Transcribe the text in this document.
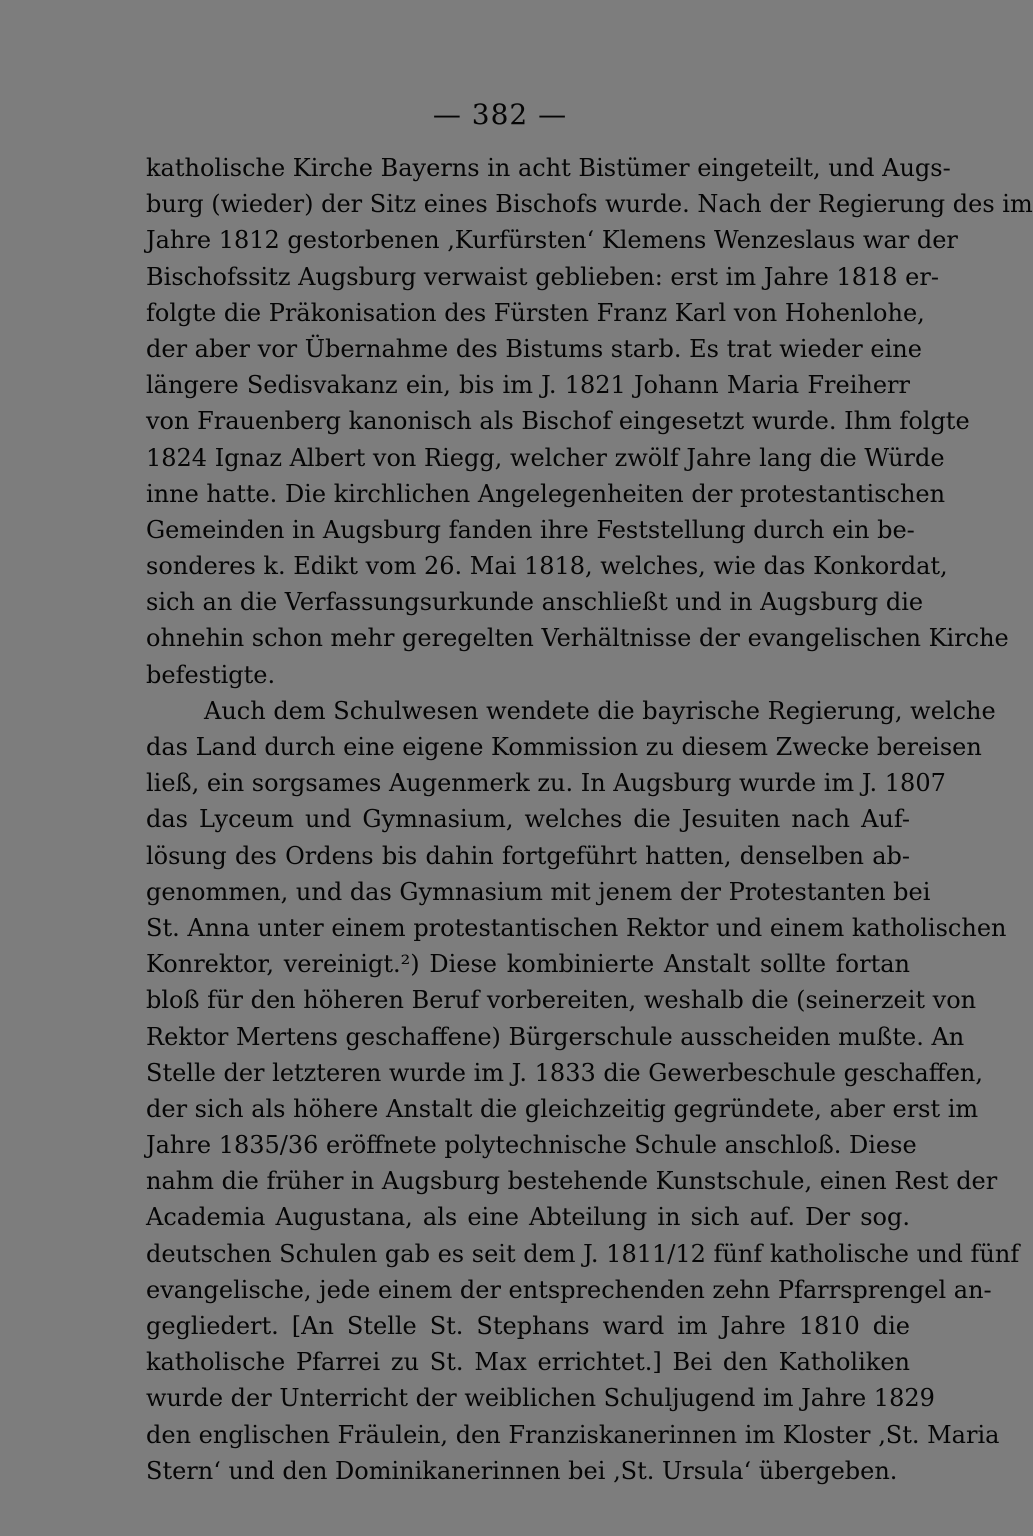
— 382 —
katholische Kirche Bayerns in acht Bistümer eingeteilt, und Augs-
burg (wieder) der Sitz eines Bischofs wurde. Nach der Regierung des im
Jahre 1812 gestorbenen ‚Kurfürsten‘ Klemens Wenzeslaus war der
Bischofssitz Augsburg verwaist geblieben: erst im Jahre 1818 er-
folgte die Präkonisation des Fürsten Franz Karl von Hohenlohe,
der aber vor Übernahme des Bistums starb. Es trat wieder eine
längere Sedisvakanz ein, bis im J. 1821 Johann Maria Freiherr
von Frauenberg kanonisch als Bischof eingesetzt wurde. Ihm folgte
1824 Ignaz Albert von Riegg, welcher zwölf Jahre lang die Würde
inne hatte. Die kirchlichen Angelegenheiten der protestantischen
Gemeinden in Augsburg fanden ihre Feststellung durch ein be-
sonderes k. Edikt vom 26. Mai 1818, welches, wie das Konkordat,
sich an die Verfassungsurkunde anschließt und in Augsburg die
ohnehin schon mehr geregelten Verhältnisse der evangelischen Kirche
befestigte.
Auch dem Schulwesen wendete die bayrische Regierung, welche
das Land durch eine eigene Kommission zu diesem Zwecke bereisen
ließ, ein sorgsames Augenmerk zu. In Augsburg wurde im J. 1807
das Lyceum und Gymnasium, welches die Jesuiten nach Auf-
lösung des Ordens bis dahin fortgeführt hatten, denselben ab-
genommen, und das Gymnasium mit jenem der Protestanten bei
St. Anna unter einem protestantischen Rektor und einem katholischen
Konrektor, vereinigt.²) Diese kombinierte Anstalt sollte fortan
bloß für den höheren Beruf vorbereiten, weshalb die (seinerzeit von
Rektor Mertens geschaffene) Bürgerschule ausscheiden mußte. An
Stelle der letzteren wurde im J. 1833 die Gewerbeschule geschaffen,
der sich als höhere Anstalt die gleichzeitig gegründete, aber erst im
Jahre 1835/36 eröffnete polytechnische Schule anschloß. Diese
nahm die früher in Augsburg bestehende Kunstschule, einen Rest der
Academia Augustana, als eine Abteilung in sich auf. Der sog.
deutschen Schulen gab es seit dem J. 1811/12 fünf katholische und fünf
evangelische, jede einem der entsprechenden zehn Pfarrsprengel an-
gegliedert. [An Stelle St. Stephans ward im Jahre 1810 die
katholische Pfarrei zu St. Max errichtet.] Bei den Katholiken
wurde der Unterricht der weiblichen Schuljugend im Jahre 1829
den englischen Fräulein, den Franziskanerinnen im Kloster ‚St. Maria
Stern‘ und den Dominikanerinnen bei ‚St. Ursula‘ übergeben.
